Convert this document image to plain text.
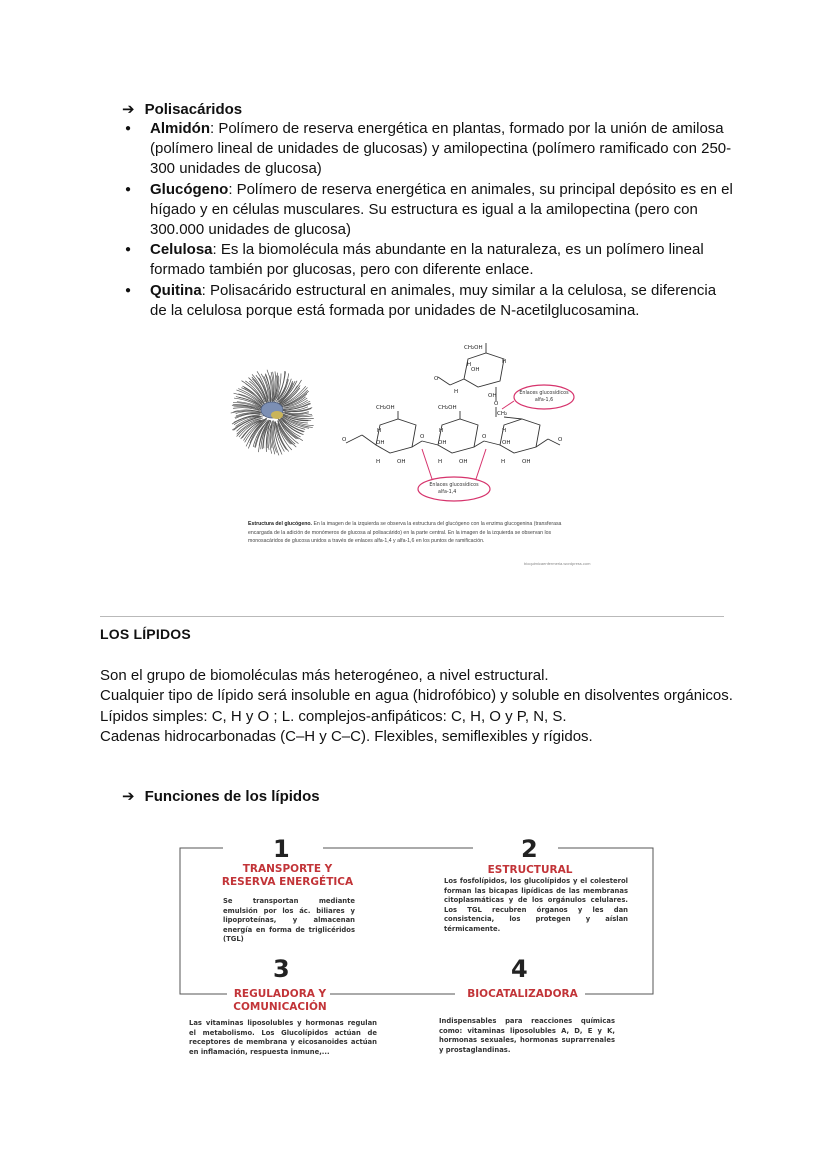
➔ Polisacáridos
● Almidón: Polímero de reserva energética en plantas, formado por la unión de amilosa (polímero lineal de unidades de glucosas) y amilopectina (polímero ramificado con 250-300 unidades de glucosa)
● Glucógeno: Polímero de reserva energética en animales, su principal depósito es en el hígado y en células musculares. Su estructura es igual a la amilopectina (pero con 300.000 unidades de glucosa)
● Celulosa: Es la biomolécula más abundante en la naturaleza, es un polímero lineal formado también por glucosas, pero con diferente enlace.
● Quitina: Polisacárido estructural en animales, muy similar a la celulosa, se diferencia de la celulosa porque está formada por unidades de N-acetilglucosamina.
CH₂OH
OH
H
H
OH
O
H
O
CH₂
CH₂OH	CH₂OH
H	H	H
OH	OH	OH
O	O	O	O
H	OH	H	OH	H	OH
Enlaces glucosídicos
alfa-1,6
Enlaces glucosídicos
alfa-1,4
Estructura del glucógeno. En la imagen de la izquierda se observa la estructura del glucógeno con la enzima glucogenina (transferasa encargada de la adición de monómeros de glucosa al polisacárido) en la parte central. En la imagen de la izquierda se observan los monosacáridos de glucosa unidos a través de enlaces alfa-1,4 y alfa-1,6 en los puntos de ramificación.
bioquimicaenfermeria.wordpress.com
LOS LÍPIDOS

Son el grupo de biomoléculas más heterogéneo, a nivel estructural.

Cualquier tipo de lípido será insoluble en agua (hidrofóbico) y soluble en disolventes orgánicos.

Lípidos simples: C, H y O ; L. complejos-anfipáticos: C, H, O y P, N, S.

Cadenas hidrocarbonadas (C–H y C–C). Flexibles, semiflexibles y rígidos.

➔ Funciones de los lípidos
1
TRANSPORTE Y
RESERVA ENERGÉTICA
Se transportan mediante emulsión por los ác. biliares y lipoproteínas, y almacenan energía en forma de triglicéridos (TGL)
2
ESTRUCTURAL
Los fosfolípidos, los glucolípidos y el colesterol forman las bicapas lipídicas de las membranas citoplasmáticas y de los orgánulos celulares. Los TGL recubren órganos y les dan consistencia, los protegen y aíslan térmicamente.
3
REGULADORA Y
COMUNICACIÓN
Las vitaminas liposolubles y hormonas regulan el metabolismo. Los Glucolípidos actúan de receptores de membrana y eicosanoides actúan en inflamación, respuesta inmune,...
4
BIOCATALIZADORA
Indispensables para reacciones químicas como: vitaminas liposolubles A, D, E y K, hormonas sexuales, hormonas suprarrenales y prostaglandinas.
